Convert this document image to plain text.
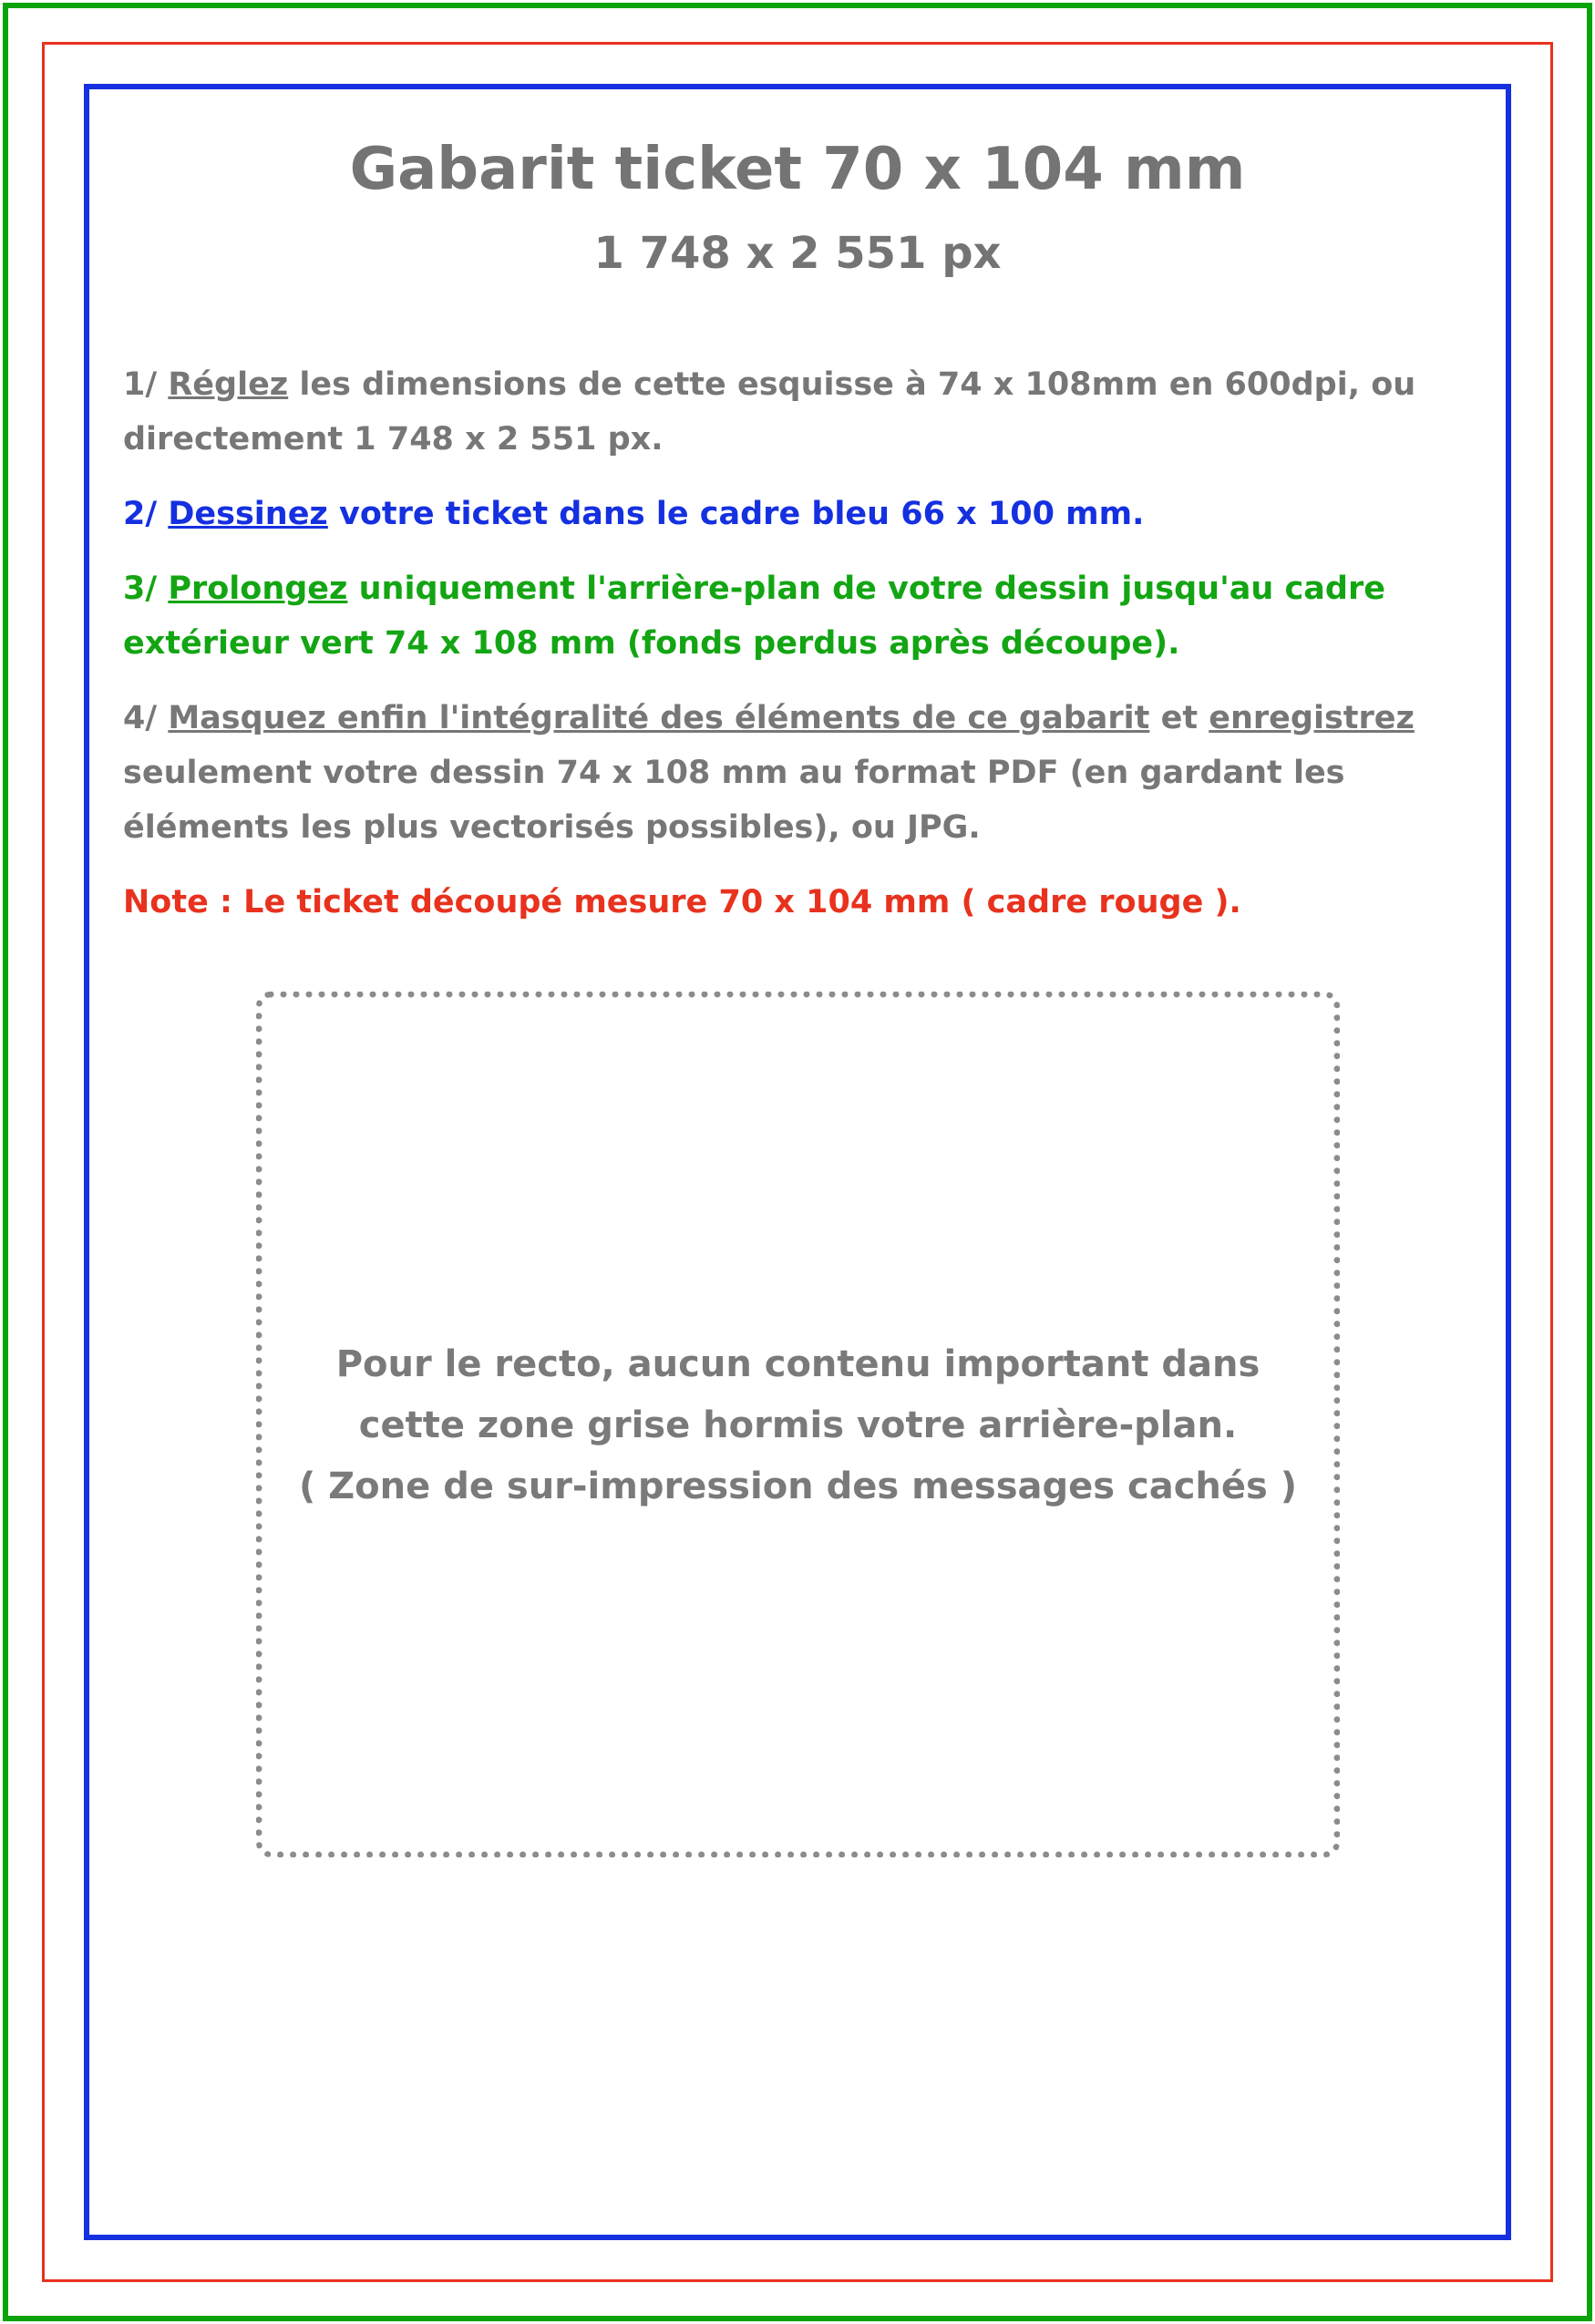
Gabarit ticket 70 x 104 mm
1 748 x 2 551 px

1/ Réglez les dimensions de cette esquisse à 74 x 108mm en 600dpi, ou directement 1 748 x 2 551 px.

2/ Dessinez votre ticket dans le cadre bleu 66 x 100 mm.

3/ Prolongez uniquement l'arrière-plan de votre dessin jusqu'au cadre extérieur vert 74 x 108 mm (fonds perdus après découpe).

4/ Masquez enfin l'intégralité des éléments de ce gabarit et enregistrez seulement votre dessin 74 x 108 mm au format PDF (en gardant les éléments les plus vectorisés possibles), ou JPG.

Note : Le ticket découpé mesure 70 x 104 mm ( cadre rouge ).

Pour le recto, aucun contenu important dans
cette zone grise hormis votre arrière-plan.
( Zone de sur-impression des messages cachés )
